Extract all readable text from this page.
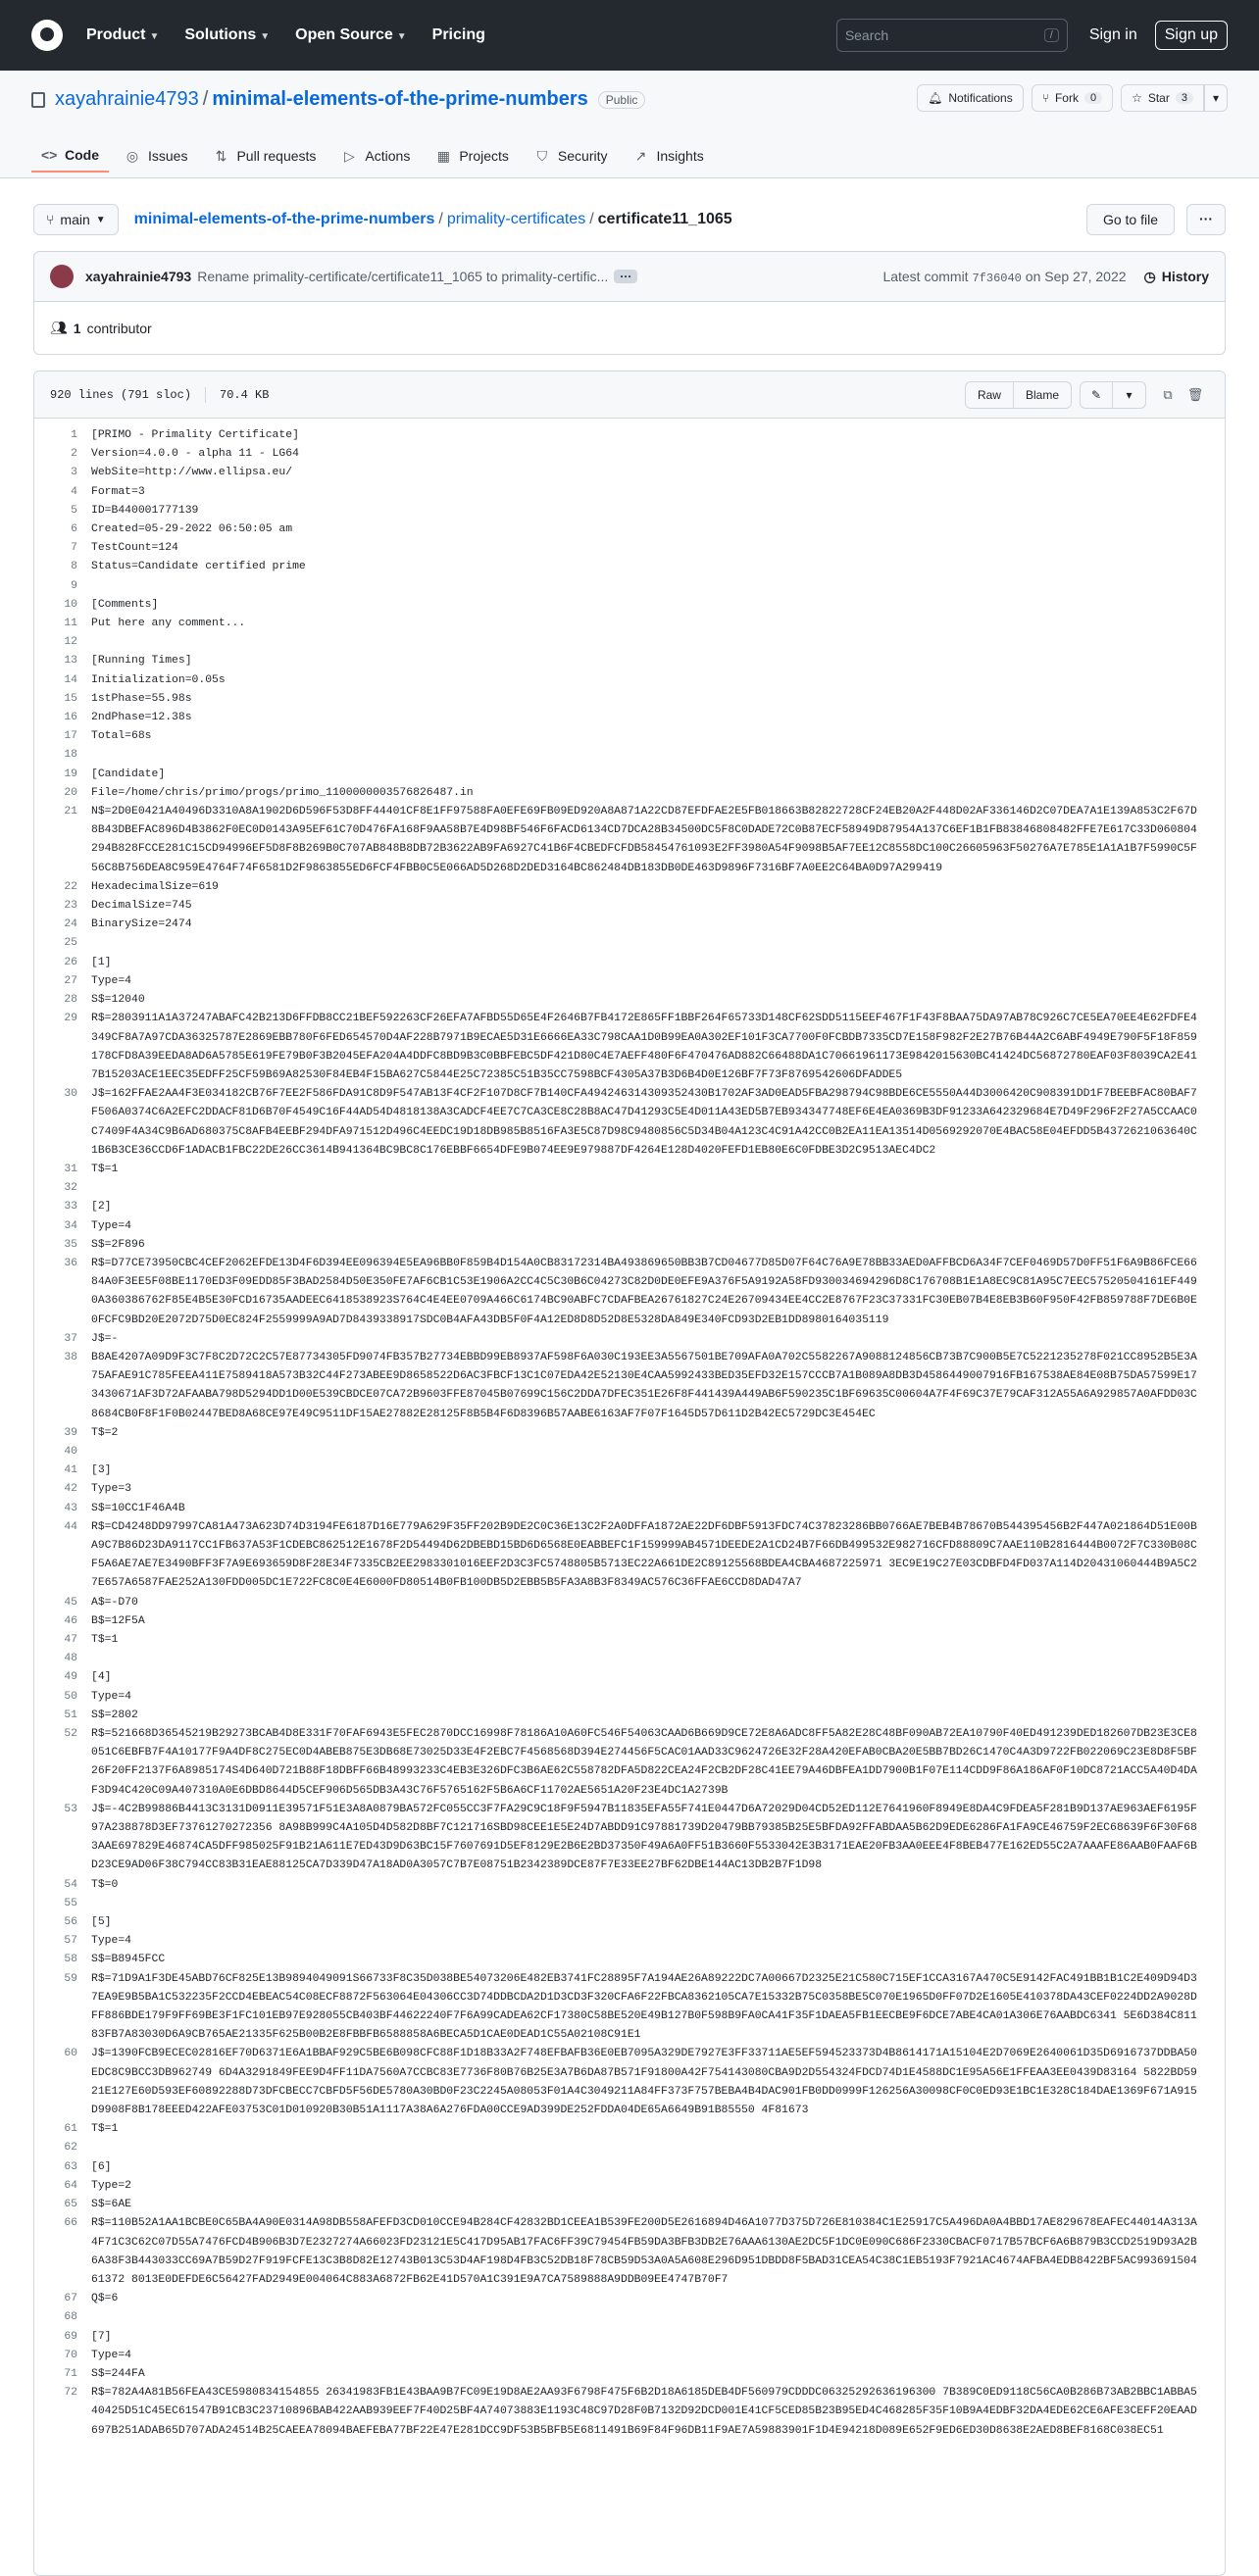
Product ▼ Solutions ▼ Open Source ▼ Pricing	Search	/	Sign in	Sign up
xayahrainie4793 / minimal-elements-of-the-prime-numbers	Public	🔔︎ Notifications	⑂ Fork	0	☆ Star	3	▾
<> Code ◎ Issues ⇅ Pull requests ▷ Actions ▦ Projects ⛉ Security ↗ Insights
⑂ main ▼ minimal-elements-of-the-prime-numbers / primality-certificates / certificate11_1065	Go to file	···
xayahrainie4793 Rename primality-certificate/certificate11_1065 to primality-certific...	···	Latest commit 7f36040 on Sep 27, 2022 ◷ History
👥︎ 1 contributor
920 lines (791 sloc) 70.4 KB	Raw	Blame	✎ ▾ ⧉ 🗑︎
1	[PRIMO - Primality Certificate]
2	Version=4.0.0 - alpha 11 - LG64
3	WebSite=http://www.ellipsa.eu/
4	Format=3
5	ID=B440001777139
6	Created=05-29-2022 06:50:05 am
7	TestCount=124
8	Status=Candidate certified prime
9
10	[Comments]
11	Put here any comment...
12
13	[Running Times]
14	Initialization=0.05s
15	1stPhase=55.98s
16	2ndPhase=12.38s
17	Total=68s
18
19	[Candidate]
20	File=/home/chris/primo/progs/primo_1100000003576826487.in
21	N$=2D0E0421A40496D3310A8A1902D6D596F53D8FF44401CF8E1FF97588FA0EFE69FB09ED920A8A871A22CD87EFDFAE2E5FB018663B82822728CF24EB20A2F448D02AF336146D2C07DEA7A1E139A853C2F67D8B43DBEFAC896D4B3862F0EC0D0143A95EF61C70D476FA168F9AA58B7E4D98BF546F6FACD6134CD7DCA28B34500DC5F8C0DADE72C0B87ECF58949D87954A137C6EF1B1FB83846808482FFE7E617C33D060804294B828FCCE281C15CD94996EF5D8F8B269B0C707AB848B8DB72B3622AB9FA6927C41B6F4CBEDFCFDB58454761093E2FF3980A54F9098B5AF7EE12C8558DC100C26605963F50276A7E785E1A1A1B7F5990C5F56C8B756DEA8C959E4764F74F6581D2F9863855ED6FCF4FBB0C5E066AD5D268D2DED3164BC862484DB183DB0DE463D9896F7316BF7A0EE2C64BA0D97A299419
22	HexadecimalSize=619
23	DecimalSize=745
24	BinarySize=2474
25
26	[1]
27	Type=4
28	S$=12040
29	R$=2803911A1A37247ABAFC42B213D6FFDB8CC21BEF592263CF26EFA7AFBD55D65E4F2646B7FB4172E865FF1BBF264F65733D148CF62SDD5115EEF467F1F43F8BAA75DA97AB78C926C7CE5EA70EE4E62FDFE4349CF8A7A97CDA36325787E2869EBB780F6FED654570D4AF228B7971B9ECAE5D31E6666EA33C798CAA1D0B99EA0A302EF101F3CA7700F0FCBDB7335CD7E158F982F2E27B76B44A2C6ABF4949E790F5F18F859178CFD8A39EEDA8AD6A5785E619FE79B0F3B2045EFA204A4DDFC8BD9B3C0BBFEBC5DF421D80C4E7AEFF480F6F470476AD882C66488DA1C70661961173E9842015630BC41424DC56872780EAF03F8039CA2E417B15203ACE1EEC35EDFF25CF59B69A82530F84EB4F15BA627C5844E25C72385C51B35CC7598BCF4305A37B3D6B4D0E126BF7F73F8769542606DFADDE5
30	J$=162FFAE2AA4F3E034182CB76F7EE2F586FDA91C8D9F547AB13F4CF2F107D8CF7B140CFA494246314309352430B1702AF3AD0EAD5FBA298794C98BDE6CE5550A44D3006420C908391DD1F7BEEBFAC80BAF7F506A0374C6A2EFC2DDACF81D6B70F4549C16F44AD54D4818138A3CADCF4EE7C7CA3CE8C28B8AC47D41293C5E4D011A43ED5B7EB934347748EF6E4EA0369B3DF91233A642329684E7D49F296F2F27A5CCAAC0C7409F4A34C9B6AD680375C8AFB4EEBF294DFA971512D496C4EEDC19D18DB985B8516FA3E5C87D98C9480856C5D34B04A123C4C91A42CC0B2EA11EA13514D0569292070E4BAC58E04EFDD5B4372621063640C1B6B3CE36CCD6F1ADACB1FBC22DE26CC3614B941364BC9BC8C176EBBF6654DFE9B074EE9E979887DF4264E128D4020FEFD1EB80E6C0FDBE3D2C9513AEC4DC2
31	T$=1
32
33	[2]
34	Type=4
35	S$=2F896
36	R$=D77CE73950CBC4CEF2062EFDE13D4F6D394EE096394E5EA96BB0F859B4D154A0CB83172314BA493869650BB3B7CD04677D85D07F64C76A9E78BB33AED0AFFBCD6A34F7CEF0469D57D0FF51F6A9B86FCE6684A0F3EE5F08BE1170ED3F09EDD85F3BAD2584D50E350FE7AF6CB1C53E1906A2CC4C5C30B6C04273C82D0DE0EFE9A376F5A9192A58FD930034694296D8C176708B1E1A8EC9C81A95C7EEC57520504161EF4490A360386762F85E4B5E30FCD16735AADEEC6418538923S764C4E4EE0709A466C6174BC90ABFC7CDAFBEA26761827C24E26709434EE4CC2E8767F23C37331FC30EB07B4E8EB3B60F950F42FB859788F7DE6B0E0FCFC9BD20E2072D75D0EC824F2559999A9AD7D8439338917SDC0B4AFA43DB5F0F4A12ED8D8D52D8E5328DA849E340FCD93D2EB1DD8980164035119
37	J$=-
38	B8AE4207A09D9F3C7F8C2D72C2C57E87734305FD9074FB357B27734EBBD99EB8937AF598F6A030C193EE3A5567501BE709AFA0A702C5582267A9088124856CB73B7C900B5E7C5221235278F021CC8952B5E3A75AFAE91C785FEEA411E7589418A573B32C44F273ABEE9D8658522D6AC3FBCF13C1C07EDA42E52130E4CAA5992433BED35EFD32E157CCCB7A1B089A8DB3D4586449007916FB167538AE84E08B75DA57599E173430671AF3D72AFAABA798D5294DD1D00E539CBDCE07CA72B9603FFE87045B07699C156C2DDA7DFEC351E26F8F441439A449AB6F590235C1BF69635C00604A7F4F69C37E79CAF312A55A6A929857A0AFDD03C8684CB0F8F1F0B02447BED8A68CE97E49C9511DF15AE27882E28125F8B5B4F6D8396B57AABE6163AF7F07F1645D57D611D2B42EC5729DC3E454EC
39	T$=2
40
41	[3]
42	Type=3
43	S$=10CC1F46A4B
44	R$=CD4248DD97997CA81A473A623D74D3194FE6187D16E779A629F35FF202B9DE2C0C36E13C2F2A0DFFA1872AE22DF6DBF5913FDC74C37823286BB0766AE7BEB4B78670B544395456B2F447A021864D51E00BA9C7B86D23DA9117CC1FB637A53F1CDEBC862512E1678F2D54494D62DBEBD15BD6D6568E0EABBEFC1F159999AB4571DEEDE2A1CD24B7F66DB499532E982716CFD88809C7AAE110B2816444B0072F7C330B08CF5A6AE7AE7E3490BFF3F7A9E693659D8F28E34F7335CB2EE2983301016EEF2D3C3FC5748805B5713EC22A661DE2C89125568BDEA4CBA4687225971 3EC9E19C27E03CDBFD4FD037A114D20431060444B9A5C27E657A6587FAE252A130FDD005DC1E722FC8C0E4E6000FD80514B0FB100DB5D2EBB5B5FA3A8B3F8349AC576C36FFAE6CCD8DAD47A7
45	A$=-D70
46	B$=12F5A
47	T$=1
48
49	[4]
50	Type=4
51	S$=2802
52	R$=521668D36545219B29273BCAB4D8E331F70FAF6943E5FEC2870DCC16998F78186A10A60FC546F54063CAAD6B669D9CE72E8A6ADC8FF5A82E28C48BF090AB72EA10790F40ED491239DED182607DB23E3CE8051C6EBFB7F4A10177F9A4DF8C275EC0D4ABEB875E3DB68E73025D33E4F2EBC7F4568568D394E274456F5CAC01AAD33C9624726E32F28A420EFAB0CBA20E5BB7BD26C1470C4A3D9722FB022069C23E8D8F5BF26F20FF2137F6A8985174S4D640D721B88F18DBFF66B48993233C4EB3E326DFC3B6AE62C558782DFA5D822CEA24F2CB2DF28C41EE79A46DBFEA1DD7900B1F07E114CDD9F86A186AF0F10DC8721ACC5A40D4DAF3D94C420C09A407310A0E6DBD8644D5CEF906D565DB3A43C76F5765162F5B6A6CF11702AE5651A20F23E4DC1A2739B
53	J$=-4C2B99886B4413C3131D0911E39571F51E3A8A0879BA572FC055CC3F7FA29C9C18F9F5947B11835EFA55F741E0447D6A72029D04CD52ED112E7641960F8949E8DA4C9FDEA5F281B9D137AE963AEF6195F97A238878D3EF73761270272356 8A98B999C4A105D4D582D8BF7C121716SBD98CEE1E5E24D7ABDD91C97881739D20479BB79385B25E5BFDA92FFABDAA5B62D9EDE6286FA1FA9CE46759F2EC68639F6F30F683AAE697829E46874CA5DFF985025F91B21A611E7ED43D9D63BC15F7607691D5EF8129E2B6E2BD37350F49A6A0FF51B3660F5533042E3B3171EAE20FB3AA0EEE4F8BEB477E162ED55C2A7AAAFE86AAB0FAAF6BD23CE9AD06F38C794CC83B31EAE88125CA7D339D47A18AD0A3057C7B7E08751B2342389DCE87F7E33EE27BF62DBE144AC13DB2B7F1D98
54	T$=0
55
56	[5]
57	Type=4
58	S$=B8945FCC
59	R$=71D9A1F3DE45ABD76CF825E13B9894049091S66733F8C35D038BE54073206E482EB3741FC28895F7A194AE26A89222DC7A00667D2325E21C580C715EF1CCA3167A470C5E9142FAC491BB1B1C2E409D94D37EA9E9B5BA1C532235F2CCD4EBEAC54C08ECF8872F563064E04306CC3D74DDBCDA2D1D3CD3F320CFA6F22FBCA8362105CA7E15332B75C0358BE5C070E1965D0FF07D2E1605E410378DA43CEF0224DD2A9028DFF886BDE179F9FF69BE3F1FC101EB97E928055CB403BF44622240F7F6A99CADEA62CF17380C58BE520E49B127B0F598B9FA0CA41F35F1DAEA5FB1EECBE9F6DCE7ABE4CA01A306E76AABDC6341 5E6D384C81183FB7A83030D6A9CB765AE21335F625B00B2E8FBBFB6588858A6BECA5D1CAE0DEAD1C55A02108C91E1
60	J$=1390FCB9ECEC02816EF70D6371E6A1BBAF929C5BE6B098CFC88F1D18B33A2F748EFBAFB36E0EB7095A329DE7927E3FF33711AE5EF594523373D4B8614171A15104E2D7069E2640061D35D6916737DDBA50EDC8C9BCC3DB962749 6D4A3291849FEE9D4FF11DA7560A7CCBC83E7736F80B76B25E3A7B6DA87B571F91800A42F754143080CBA9D2D554324FDCD74D1E4588DC1E95A56E1FFEAA3EE0439D83164 5822BD5921E127E60D593EF60892288D73DFCBECC7CBFD5F56DE5780A30BD0F23C2245A08053F01A4C3049211A84FF373F757BEBA4B4DAC901FB0DD0999F126256A30098CF0C0ED93E1BC1E328C184DAE1369F671A915D9908F8B178EEED422AFE03753C01D010920B30B51A1117A38A6A276FDA00CCE9AD399DE252FDDA04DE65A6649B91B85550 4F81673
61	T$=1
62
63	[6]
64	Type=2
65	S$=6AE
66	R$=110B52A1AA1BCBE0C65BA4A90E0314A98DB558AFEFD3CD010CCE94B284CF42832BD1CEEA1B539FE200D5E2616894D46A1077D375D726E810384C1E25917C5A496DA0A4BBD17AE829678EAFEC44014A313A4F71C3C62C07D55A7476FCD4B906B3D7E2327274A66023FD23121E5C417D95AB17FAC6FF39C79454FB59DA3BFB3DB2E76AAA6130AE2DC5F1DC0E090C686F2330CBACF0717B57BCF6A6B879B3CCD2519D93A2B6A38F3B443033CC69A7B59D27F919FCFE13C3B8D82E12743B013C53D4AF198D4FB3C52DB18F78CB59D53A0A5A608E296D951DBDD8F5BAD31CEA54C38C1EB5193F7921AC4674AFBA4EDB8422BF5AC99369150461372 8013E0DEFDE6C56427FAD2949E004064C883A6872FB62E41D570A1C391E9A7CA7589888A9DDB09EE4747B70F7
67	Q$=6
68
69	[7]
70	Type=4
71	S$=244FA
72	R$=782A4A81B56FEA43CE5980834154855 26341983FB1E43BAA9B7FC09E19D8AE2AA93F6798F475F6B2D18A6185DEB4DF560979CDDDC06325292636196300 7B389C0ED9118C56CA0B286B73AB2BBC1ABBA540425D51C45EC61547B91CB3C23710896BAB422AAB939EEF7F40D25BF4A74073883E1193C48C97D28F0B7132D92DCD001E41CF5CED85B23B95ED4C468285F35F10B9A4EDBF32DA4EDE62CE6AFE3CEFF20EAAD697B251ADAB65D707ADA24514B25CAEEA78094BAEFEBA77BF22E47E281DCC9DF53B5BFB5E6811491B69F84F96DB11F9AE7A59883901F1D4E94218D089E652F9ED6ED30D8638E2AED8BEF8168C038EC51
